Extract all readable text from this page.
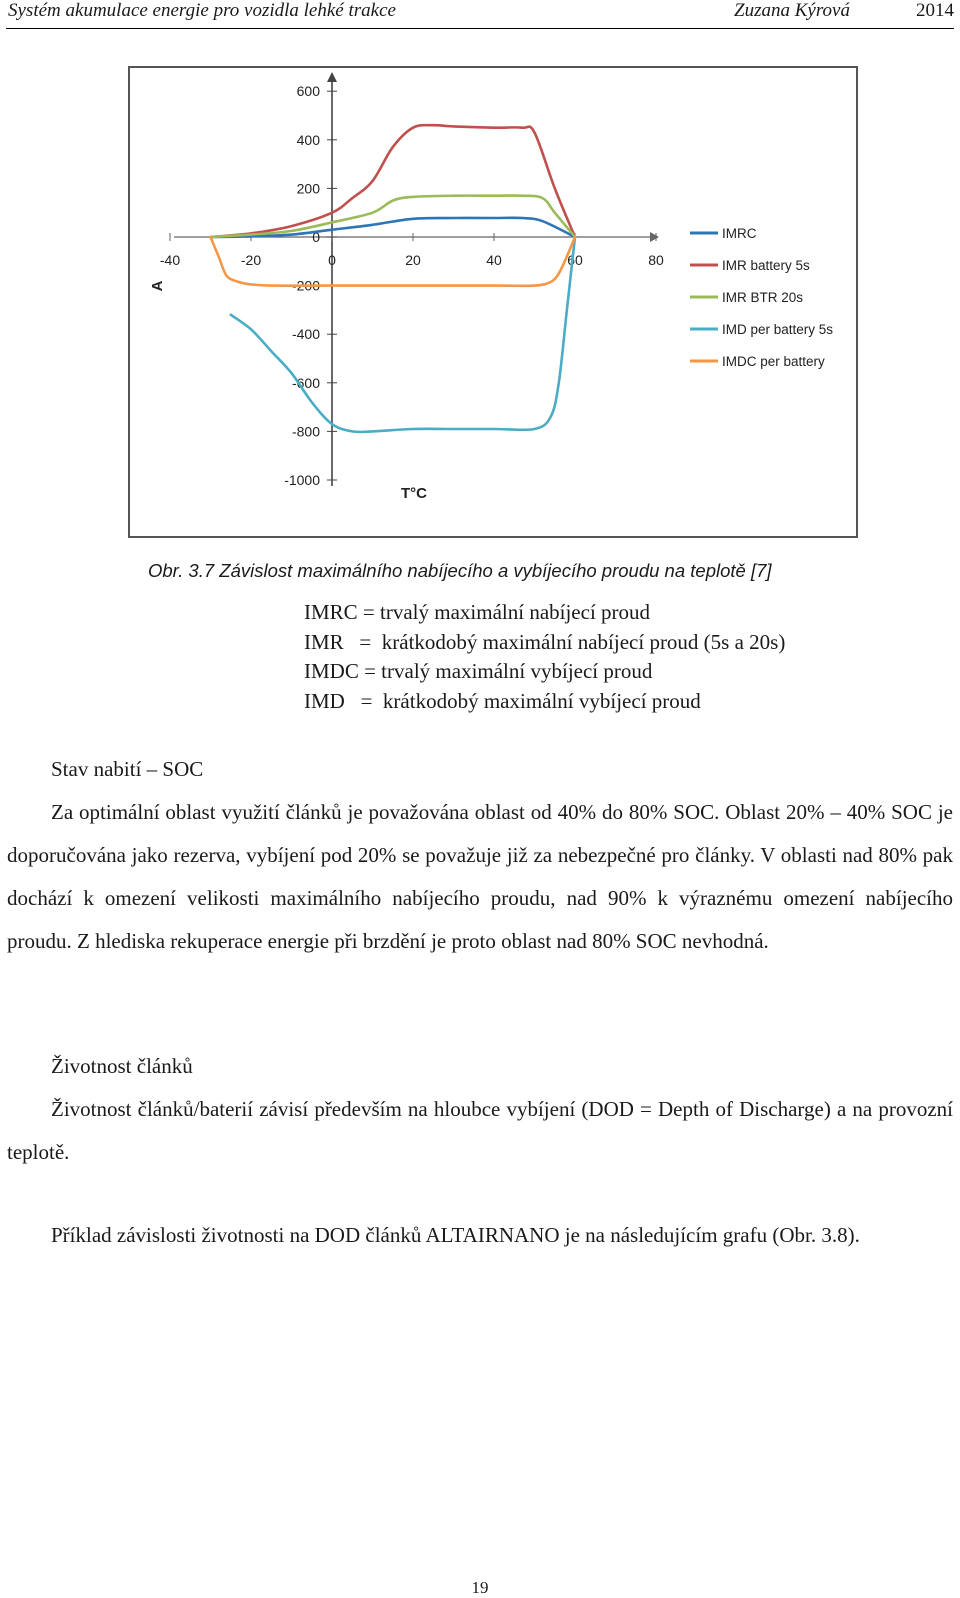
Systém akumulace energie pro vozidla lehké trakce	Zuzana Kýrová	2014
600
400
200
0
-200
-400
-600
-800
-1000
-40	-20	0	20	40	60	80
A
T°C
IMRC
IMR battery 5s
IMR BTR 20s
IMD per battery 5s
IMDC per battery
Obr. 3.7 Závislost maximálního nabíjecího a vybíjecího proudu na teplotě [7]
IMRC = trvalý maximální nabíjecí proud
IMR   =  krátkodobý maximální nabíjecí proud (5s a 20s)
IMDC = trvalý maximální vybíjecí proud
IMD   =  krátkodobý maximální vybíjecí proud
Stav nabití – SOC

Za optimální oblast využití článků je považována oblast od 40% do 80% SOC. Oblast 20% – 40% SOC je doporučována jako rezerva, vybíjení pod 20% se považuje již za nebezpečné pro články. V oblasti nad 80% pak dochází k omezení velikosti maximálního nabíjecího proudu, nad 90% k výraznému omezení nabíjecího proudu. Z hlediska rekuperace energie při brzdění je proto oblast nad 80% SOC nevhodná.

Životnost článků

Životnost článků/baterií závisí především na hloubce vybíjení (DOD = Depth of Discharge) a na provozní teplotě.

Příklad závislosti životnosti na DOD článků ALTAIRNANO je na následujícím grafu (Obr. 3.8).

19
